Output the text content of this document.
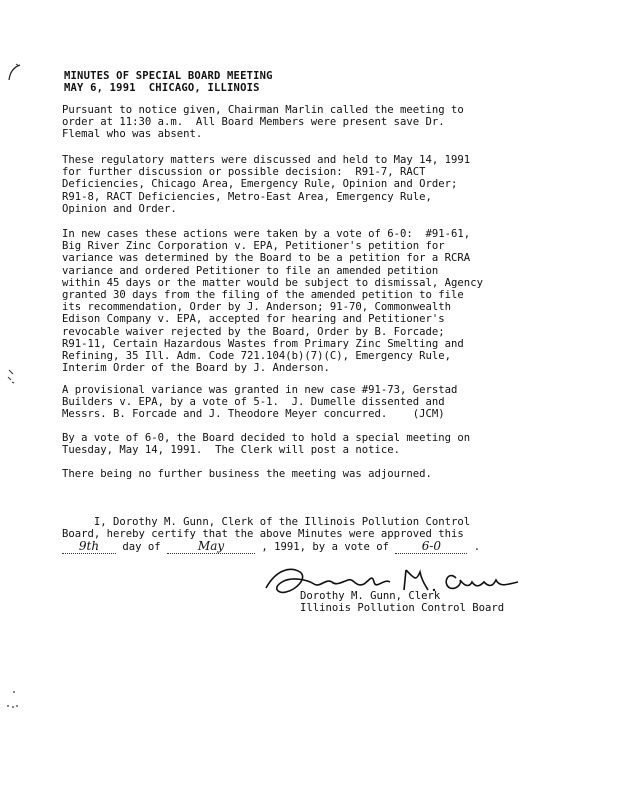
MINUTES OF SPECIAL BOARD MEETING
MAY 6, 1991  CHICAGO, ILLINOIS
Pursuant to notice given, Chairman Marlin called the meeting to
order at 11:30 a.m.  All Board Members were present save Dr.
Flemal who was absent.
These regulatory matters were discussed and held to May 14, 1991
for further discussion or possible decision:  R91-7, RACT
Deficiencies, Chicago Area, Emergency Rule, Opinion and Order;
R91-8, RACT Deficiencies, Metro-East Area, Emergency Rule,
Opinion and Order.
In new cases these actions were taken by a vote of 6-0:  #91-61,
Big River Zinc Corporation v. EPA, Petitioner's petition for
variance was determined by the Board to be a petition for a RCRA
variance and ordered Petitioner to file an amended petition
within 45 days or the matter would be subject to dismissal, Agency
granted 30 days from the filing of the amended petition to file
its recommendation, Order by J. Anderson; 91-70, Commonwealth
Edison Company v. EPA, accepted for hearing and Petitioner's
revocable waiver rejected by the Board, Order by B. Forcade;
R91-11, Certain Hazardous Wastes from Primary Zinc Smelting and
Refining, 35 Ill. Adm. Code 721.104(b)(7)(C), Emergency Rule,
Interim Order of the Board by J. Anderson.
A provisional variance was granted in new case #91-73, Gerstad
Builders v. EPA, by a vote of 5-1.  J. Dumelle dissented and
Messrs. B. Forcade and J. Theodore Meyer concurred.    (JCM)
By a vote of 6-0, the Board decided to hold a special meeting on
Tuesday, May 14, 1991.  The Clerk will post a notice.
There being no further business the meeting was adjourned.
I, Dorothy M. Gunn, Clerk of the Illinois Pollution Control
Board, hereby certify that the above Minutes were approved this
9th day of	May	, 1991, by a vote of 6-0 .
Dorothy M. Gunn, Clerk
Illinois Pollution Control Board
